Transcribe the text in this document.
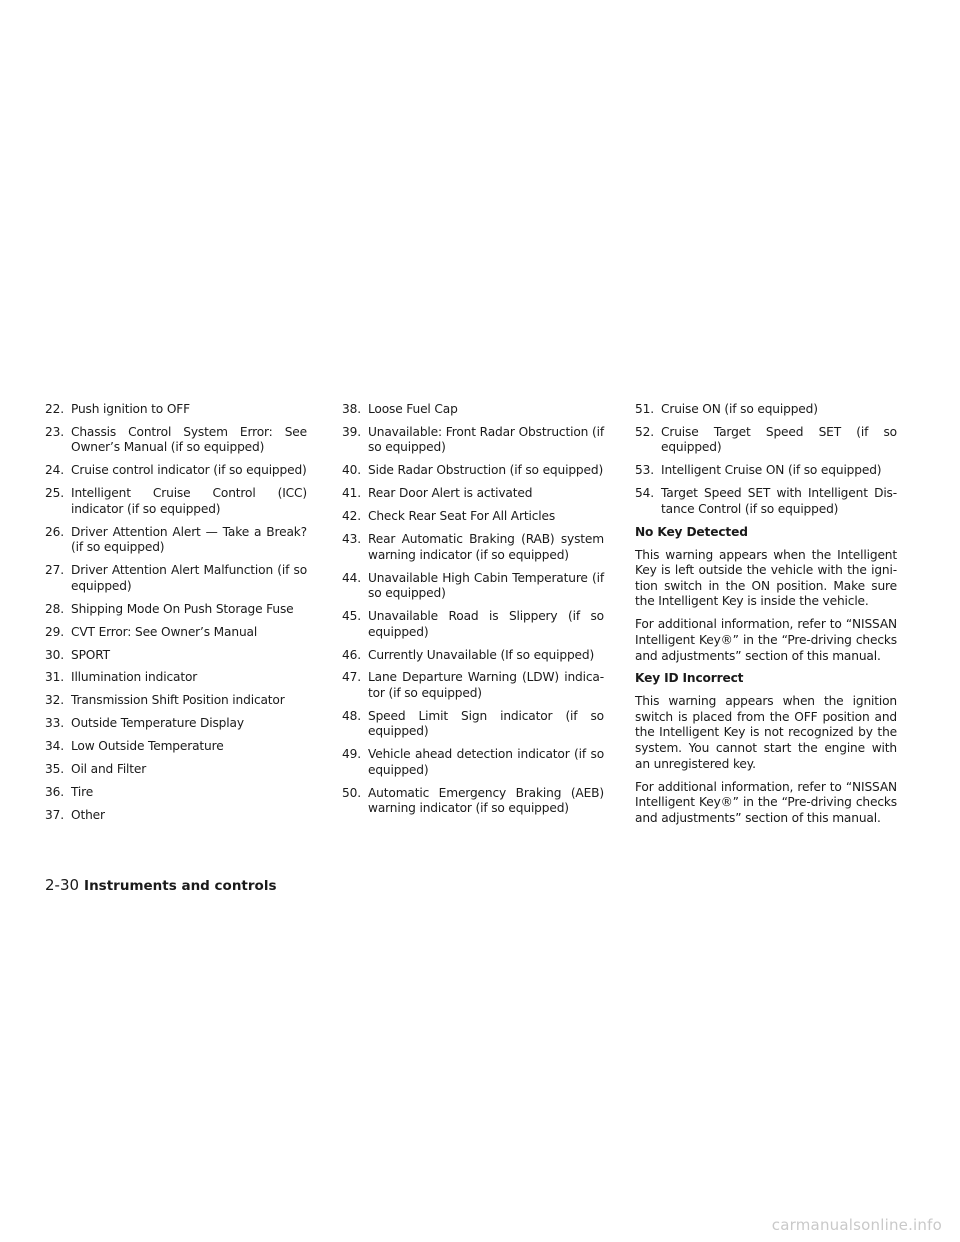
22. Push ignition to OFF
23. Chassis Control System Error: See Owner’s Manual (if so equipped)
24. Cruise control indicator (if so equipped)
25. Intelligent Cruise Control (ICC) indicator (if so equipped)
26. Driver Attention Alert — Take a Break? (if so equipped)
27. Driver Attention Alert Malfunction (if so equipped)
28. Shipping Mode On Push Storage Fuse
29. CVT Error: See Owner’s Manual
30. SPORT
31. Illumination indicator
32. Transmission Shift Position indicator
33. Outside Temperature Display
34. Low Outside Temperature
35. Oil and Filter
36. Tire
37. Other
38. Loose Fuel Cap
39. Unavailable: Front Radar Obstruction (if so equipped)
40. Side Radar Obstruction (if so equipped)
41. Rear Door Alert is activated
42. Check Rear Seat For All Articles
43. Rear Automatic Braking (RAB) system warning indicator (if so equipped)
44. Unavailable High Cabin Temperature (if so equipped)
45. Unavailable Road is Slippery (if so equipped)
46. Currently Unavailable (If so equipped)
47. Lane Departure Warning (LDW) indica-tor (if so equipped)
48. Speed Limit Sign indicator (if so equipped)
49. Vehicle ahead detection indicator (if so equipped)
50. Automatic Emergency Braking (AEB) warning indicator (if so equipped)
51. Cruise ON (if so equipped)
52. Cruise Target Speed SET (if so equipped)
53. Intelligent Cruise ON (if so equipped)
54. Target Speed SET with Intelligent Dis-tance Control (if so equipped)
No Key Detected
This warning appears when the Intelligent Key is left outside the vehicle with the igni-tion switch in the ON position. Make sure the Intelligent Key is inside the vehicle.
For additional information, refer to “NISSAN Intelligent Key®” in the “Pre-driving checks and adjustments” section of this manual.
Key ID Incorrect
This warning appears when the ignition switch is placed from the OFF position and the Intelligent Key is not recognized by the system. You cannot start the engine with an unregistered key.
For additional information, refer to “NISSAN Intelligent Key®” in the “Pre-driving checks and adjustments” section of this manual.
2-30 Instruments and controls
carmanualsonline.info
